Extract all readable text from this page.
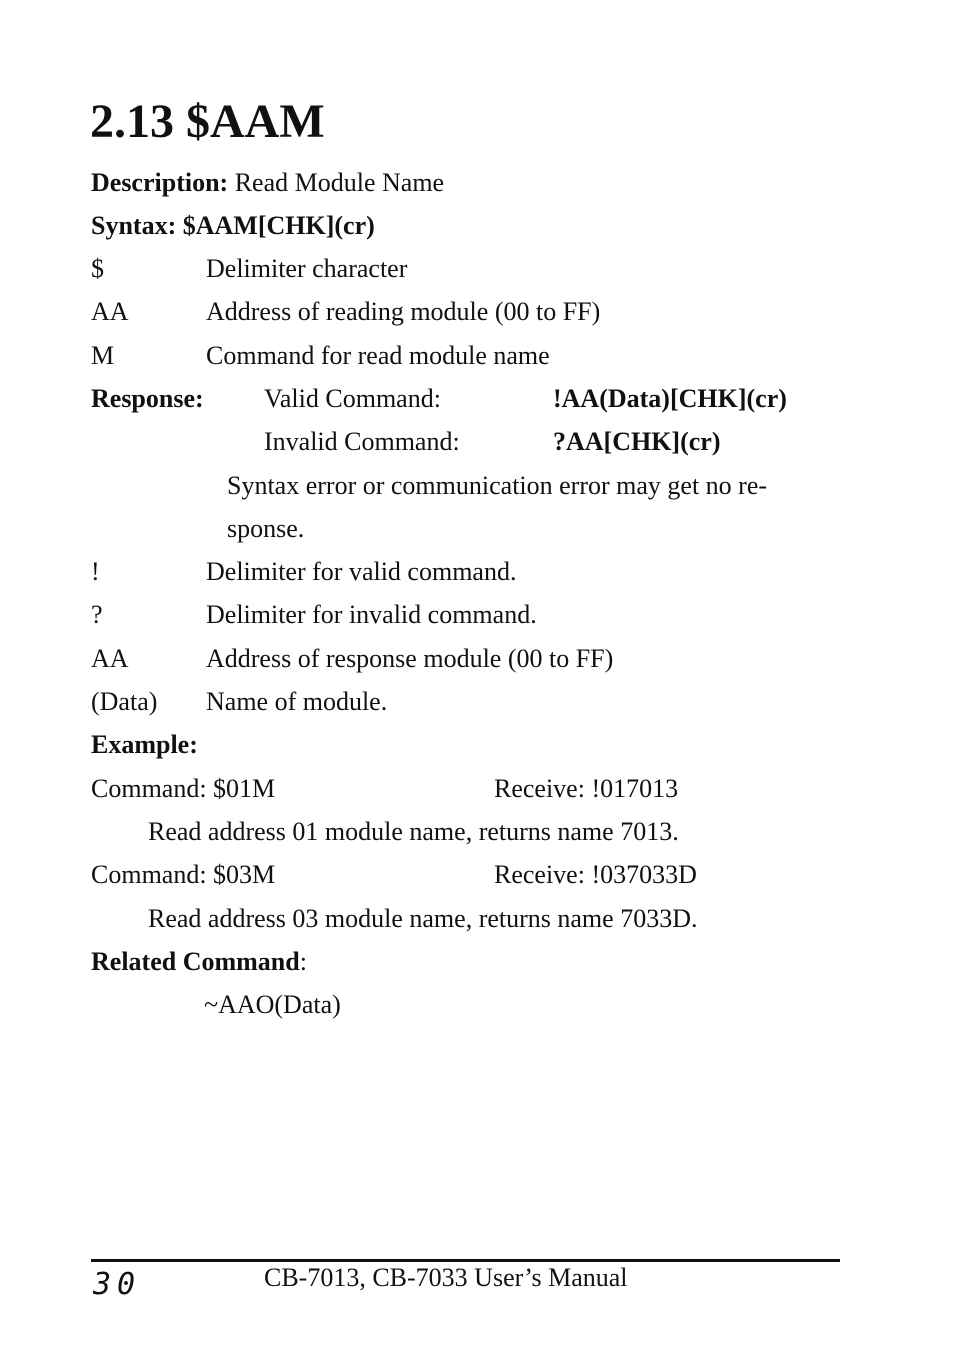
2.13 $AAM
Description: Read Module Name
Syntax: $AAM[CHK](cr)
$	Delimiter character
AA	Address of reading module (00 to FF)
M	Command for read module name
Response: Valid Command:	!AA(Data)[CHK](cr)
Invalid Command:	?AA[CHK](cr)
Syntax error or communication error may get no re-
sponse.
!	Delimiter for valid command.
?	Delimiter for invalid command.
AA	Address of response module (00 to FF)
(Data) Name of module.
Example:
Command: $01M	Receive: !017013
Read address 01 module name, returns name 7013.
Command: $03M	Receive: !037033D
Read address 03 module name, returns name 7033D.
Related Command:
~AAO(Data)
30	CB-7013, CB-7033 User’s Manual
